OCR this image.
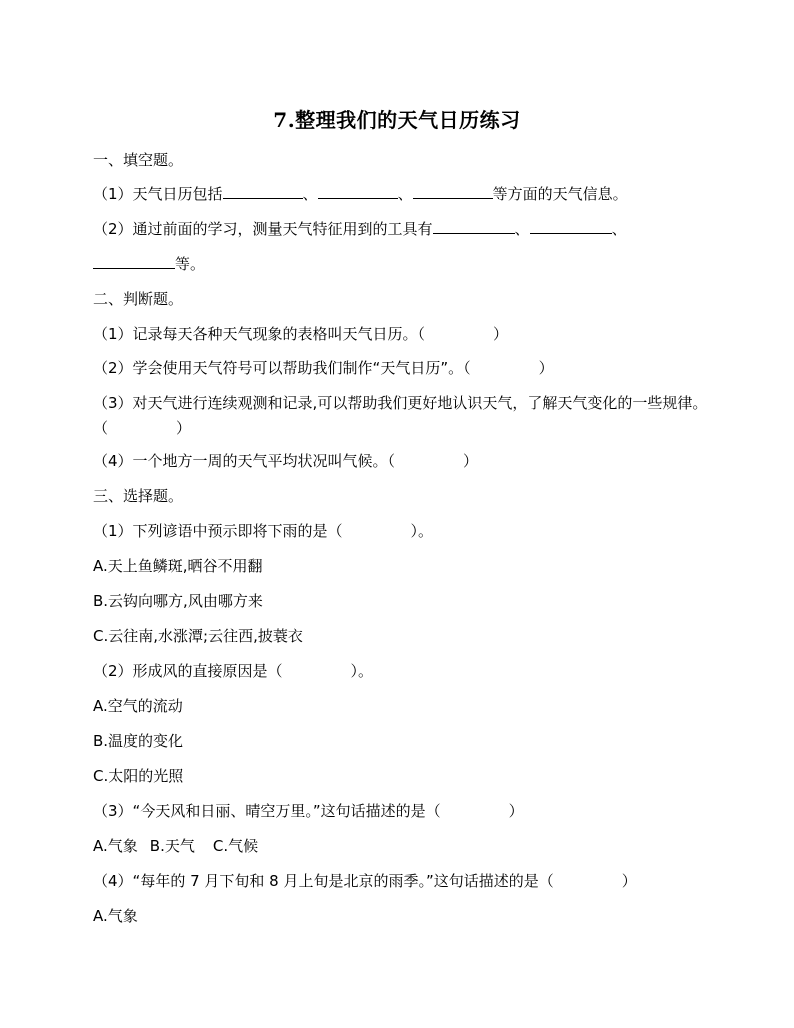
7.整理我们的天气日历练习
一、填空题。
（1）天气日历包括	、	、	等方面的天气信息。
（2）通过前面的学习，测量天气特征用到的工具有	、	、
等。
二、判断题。
（1）记录每天各种天气现象的表格叫天气日历。（	）
（2）学会使用天气符号可以帮助我们制作“天气日历”。（	）
（3）对天气进行连续观测和记录,可以帮助我们更好地认识天气，了解天气变化的一些规律。（	）
（4）一个地方一周的天气平均状况叫气候。（	）
三、选择题。
（1）下列谚语中预示即将下雨的是（	）。
A.天上鱼鳞斑,晒谷不用翻
B.云钩向哪方,风由哪方来
C.云往南,水涨潭;云往西,披蓑衣
（2）形成风的直接原因是（	）。
A.空气的流动
B.温度的变化
C.太阳的光照
（3）“今天风和日丽、晴空万里。”这句话描述的是（	）
A.气象 B.天气 C.气候
（4）“每年的 7 月下旬和 8 月上旬是北京的雨季。”这句话描述的是（	）
A.气象
